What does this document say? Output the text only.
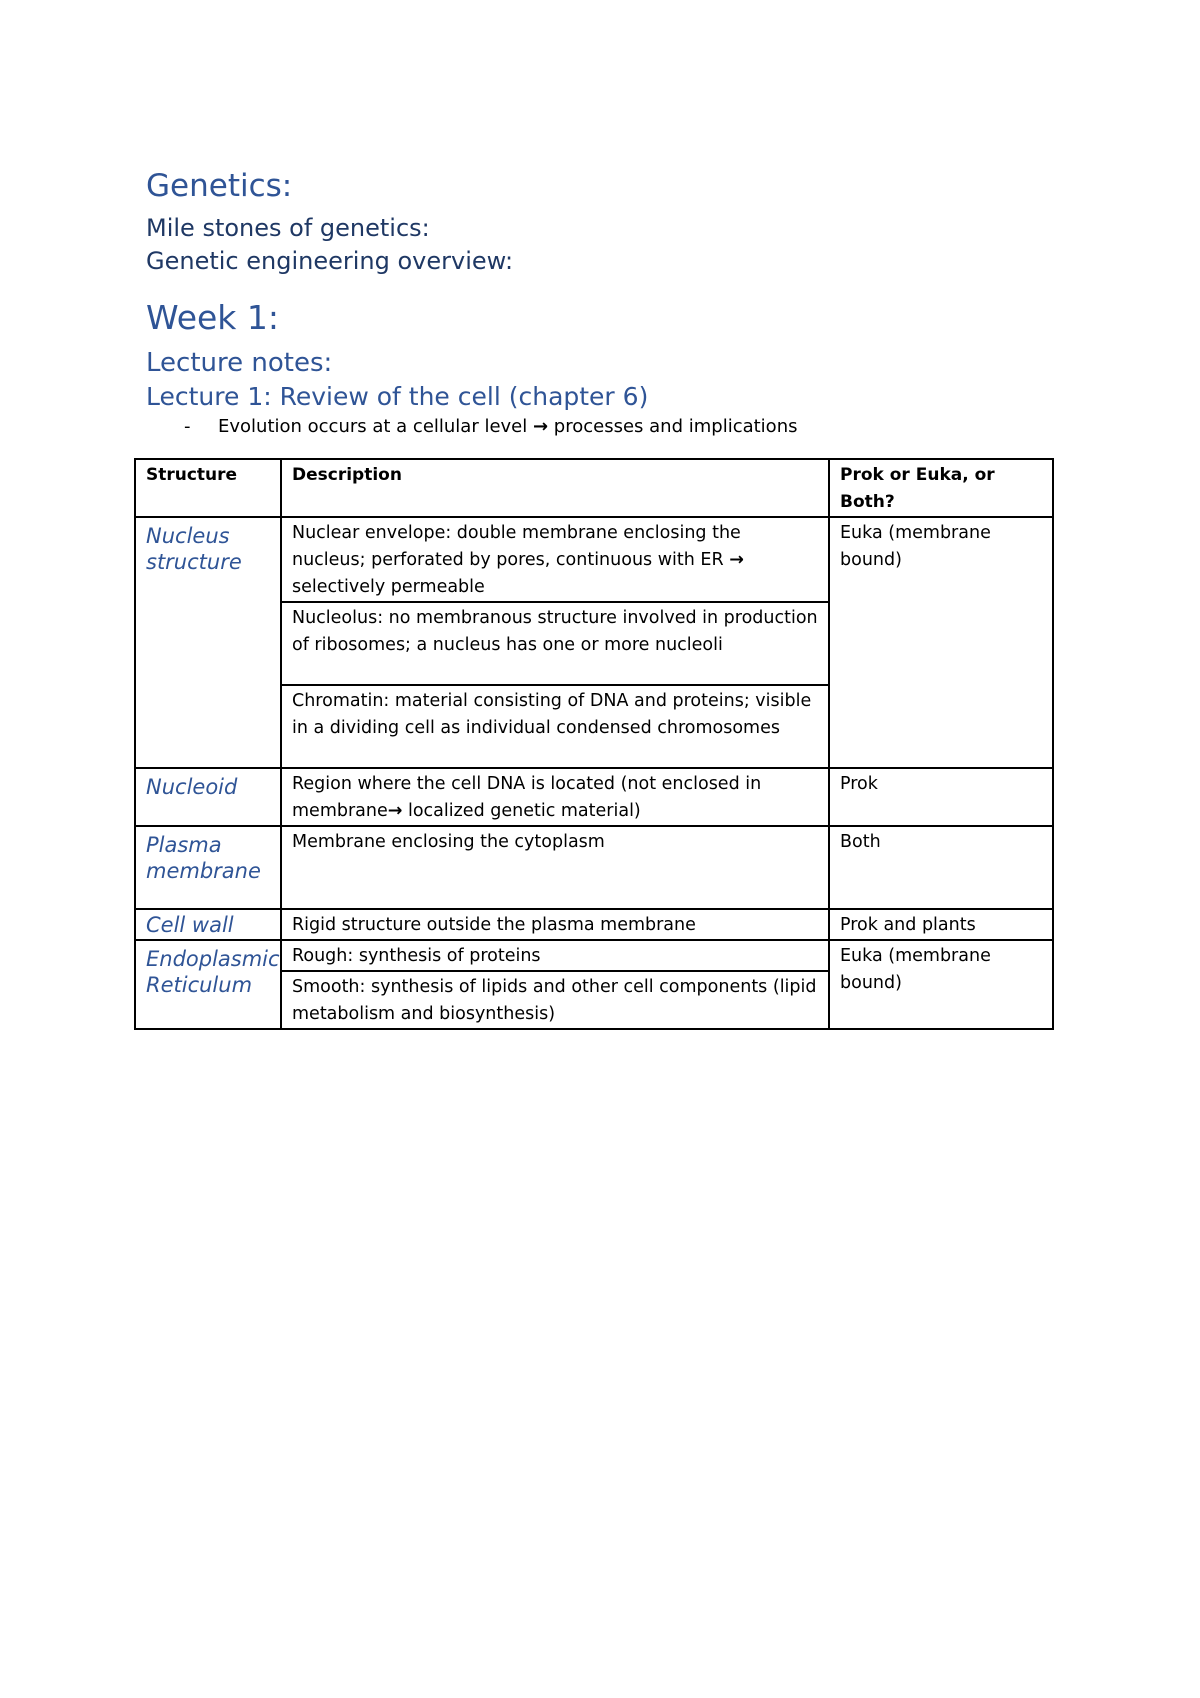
Genetics:
Mile stones of genetics:
Genetic engineering overview:
Week 1:
Lecture notes:
Lecture 1: Review of the cell (chapter 6)
- Evolution occurs at a cellular level → processes and implications
Structure	Description	Prok or Euka, or Both?
Nucleus structure	Nuclear envelope: double membrane enclosing the nucleus; perforated by pores, continuous with ER → selectively permeable	Euka (membrane bound)
	Nucleolus: no membranous structure involved in production of ribosomes; a nucleus has one or more nucleoli	
	Chromatin: material consisting of DNA and proteins; visible in a dividing cell as individual condensed chromosomes	
Nucleoid	Region where the cell DNA is located (not enclosed in membrane→ localized genetic material)	Prok
Plasma membrane	Membrane enclosing the cytoplasm	Both
Cell wall	Rigid structure outside the plasma membrane	Prok and plants
Endoplasmic Reticulum	Rough: synthesis of proteins	Euka (membrane bound)
	Smooth: synthesis of lipids and other cell components (lipid metabolism and biosynthesis)	
